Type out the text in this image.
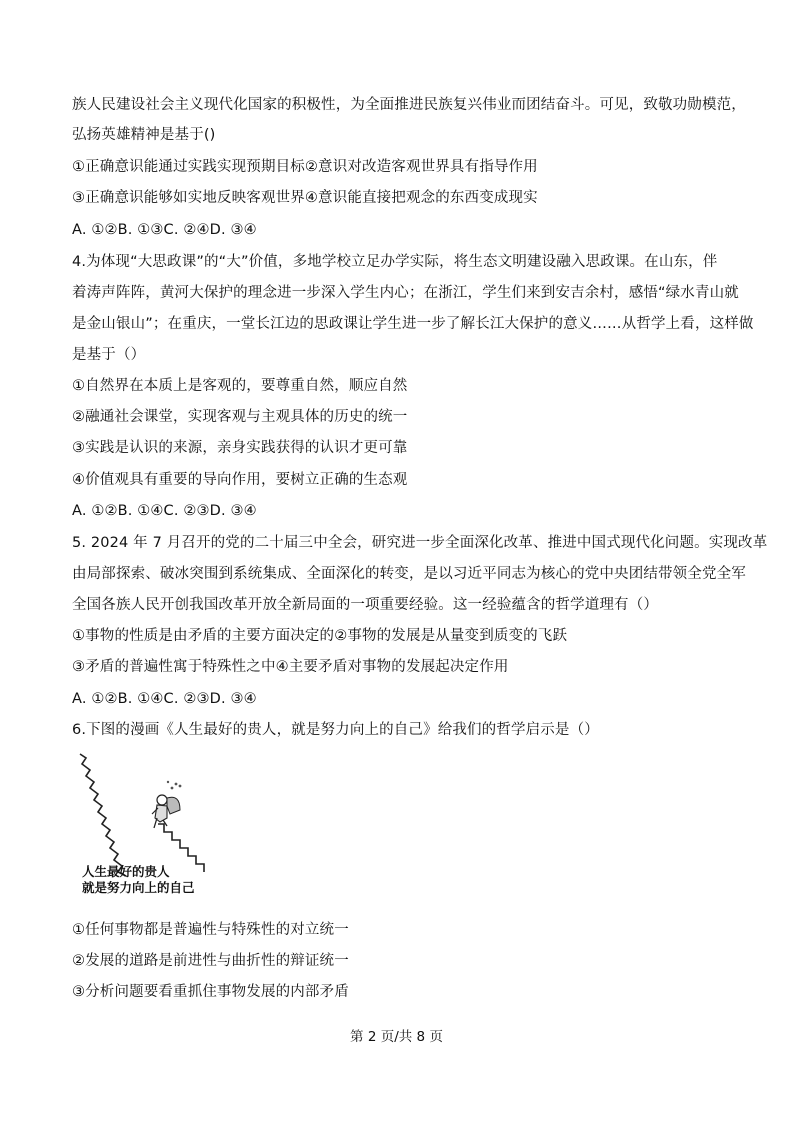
族人民建设社会主义现代化国家的积极性，为全面推进民族复兴伟业而团结奋斗。可见，致敬功勋模范，
弘扬英雄精神是基于()
①正确意识能通过实践实现预期目标②意识对改造客观世界具有指导作用
③正确意识能够如实地反映客观世界④意识能直接把观念的东西变成现实
A. ①②B. ①③C. ②④D. ③④
4.为体现“大思政课”的“大”价值，多地学校立足办学实际，将生态文明建设融入思政课。在山东，伴
着涛声阵阵，黄河大保护的理念进一步深入学生内心；在浙江，学生们来到安吉余村，感悟“绿水青山就
是金山银山”；在重庆，一堂长江边的思政课让学生进一步了解长江大保护的意义……从哲学上看，这样做
是基于（）
①自然界在本质上是客观的，要尊重自然，顺应自然
②融通社会课堂，实现客观与主观具体的历史的统一
③实践是认识的来源，亲身实践获得的认识才更可靠
④价值观具有重要的导向作用，要树立正确的生态观
A. ①②B. ①④C. ②③D. ③④
5. 2024 年 7 月召开的党的二十届三中全会，研究进一步全面深化改革、推进中国式现代化问题。实现改革
由局部探索、破冰突围到系统集成、全面深化的转变，是以习近平同志为核心的党中央团结带领全党全军
全国各族人民开创我国改革开放全新局面的一项重要经验。这一经验蕴含的哲学道理有（）
①事物的性质是由矛盾的主要方面决定的②事物的发展是从量变到质变的飞跃
③矛盾的普遍性寓于特殊性之中④主要矛盾对事物的发展起决定作用
A. ①②B. ①④C. ②③D. ③④
6.下图的漫画《人生最好的贵人，就是努力向上的自己》给我们的哲学启示是（）
人生最好的贵人
就是努力向上的自己
①任何事物都是普遍性与特殊性的对立统一
②发展的道路是前进性与曲折性的辩证统一
③分析问题要看重抓住事物发展的内部矛盾
第 2 页/共 8 页
